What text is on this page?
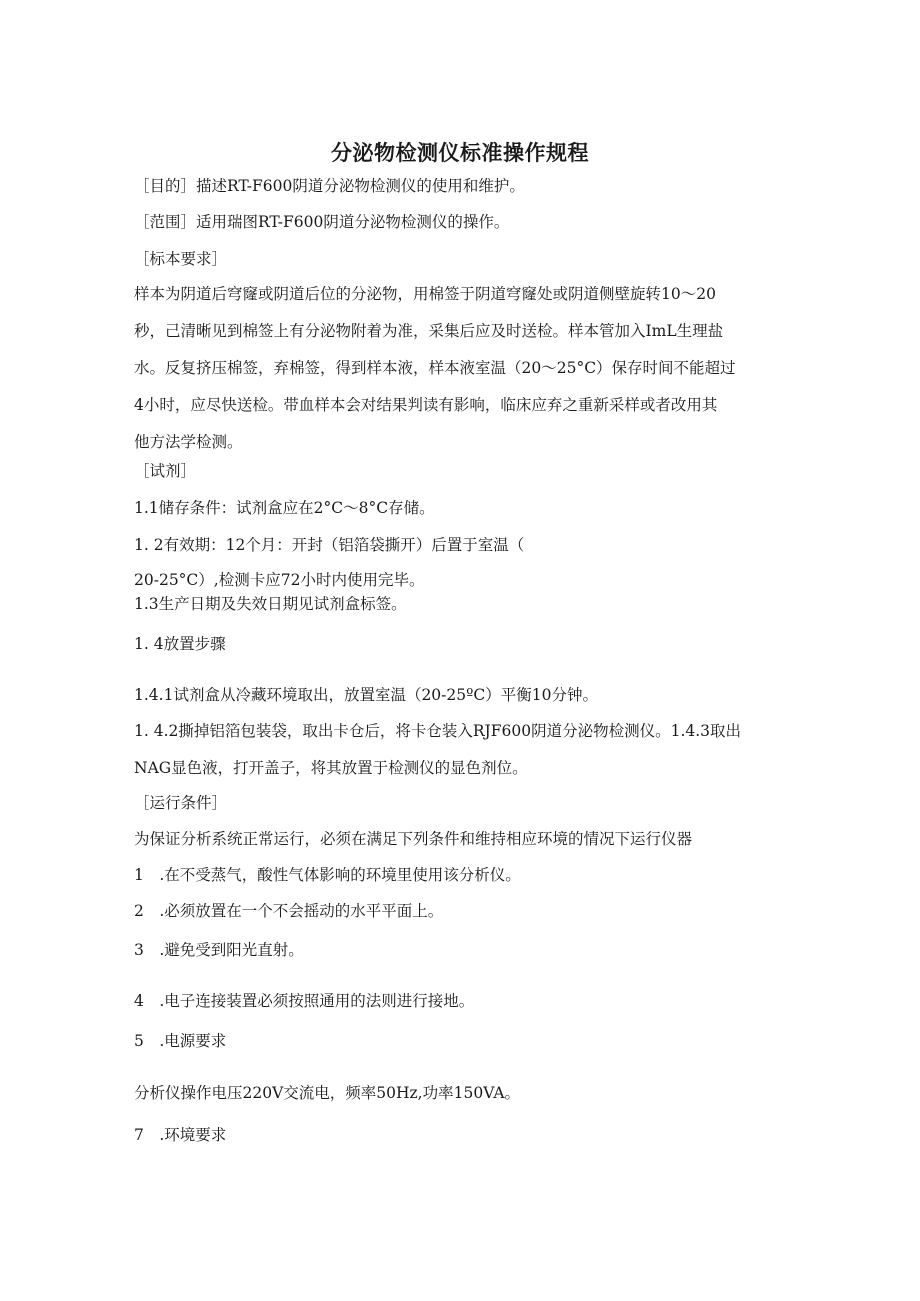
分泌物检测仪标准操作规程

［目的］描述RT-F600阴道分泌物检测仪的使用和维护。

［范围］适用瑞图RT-F600阴道分泌物检测仪的操作。

［标本要求］

样本为阴道后穹窿或阴道后位的分泌物，用棉签于阴道穹窿处或阴道侧壁旋转10～20
秒，己清晰见到棉签上有分泌物附着为准，采集后应及时送检。样本管加入ImL生理盐
水。反复挤压棉签，弃棉签，得到样本液，样本液室温（20～25°C）保存时间不能超过
4小时，应尽快送检。带血样本会对结果判读有影响，临床应弃之重新采样或者改用其
他方法学检测。

［试剂］

1.1储存条件：试剂盒应在2°C～8°C存储。

1. 2有效期：12个月：开封（铝箔袋撕开）后置于室温（

20-25°C）,检测卡应72小时内使用完毕。

1.3生产日期及失效日期见试剂盒标签。

1. 4放置步骤

1.4.1试剂盒从冷藏环境取出，放置室温（20-25ºC）平衡10分钟。

1. 4.2撕掉铝箔包装袋，取出卡仓后，将卡仓装入RJF600阴道分泌物检测仪。1.4.3取出
NAG显色液，打开盖子，将其放置于检测仪的显色剂位。

［运行条件］

为保证分析系统正常运行，必须在满足下列条件和维持相应环境的情况下运行仪器

1　.在不受蒸气，酸性气体影响的环境里使用该分析仪。

2　.必须放置在一个不会摇动的水平平面上。

3　.避免受到阳光直射。

4　.电子连接装置必须按照通用的法则进行接地。

5　.电源要求

分析仪操作电压220V交流电，频率50Hz,功率150VA。

7　.环境要求
